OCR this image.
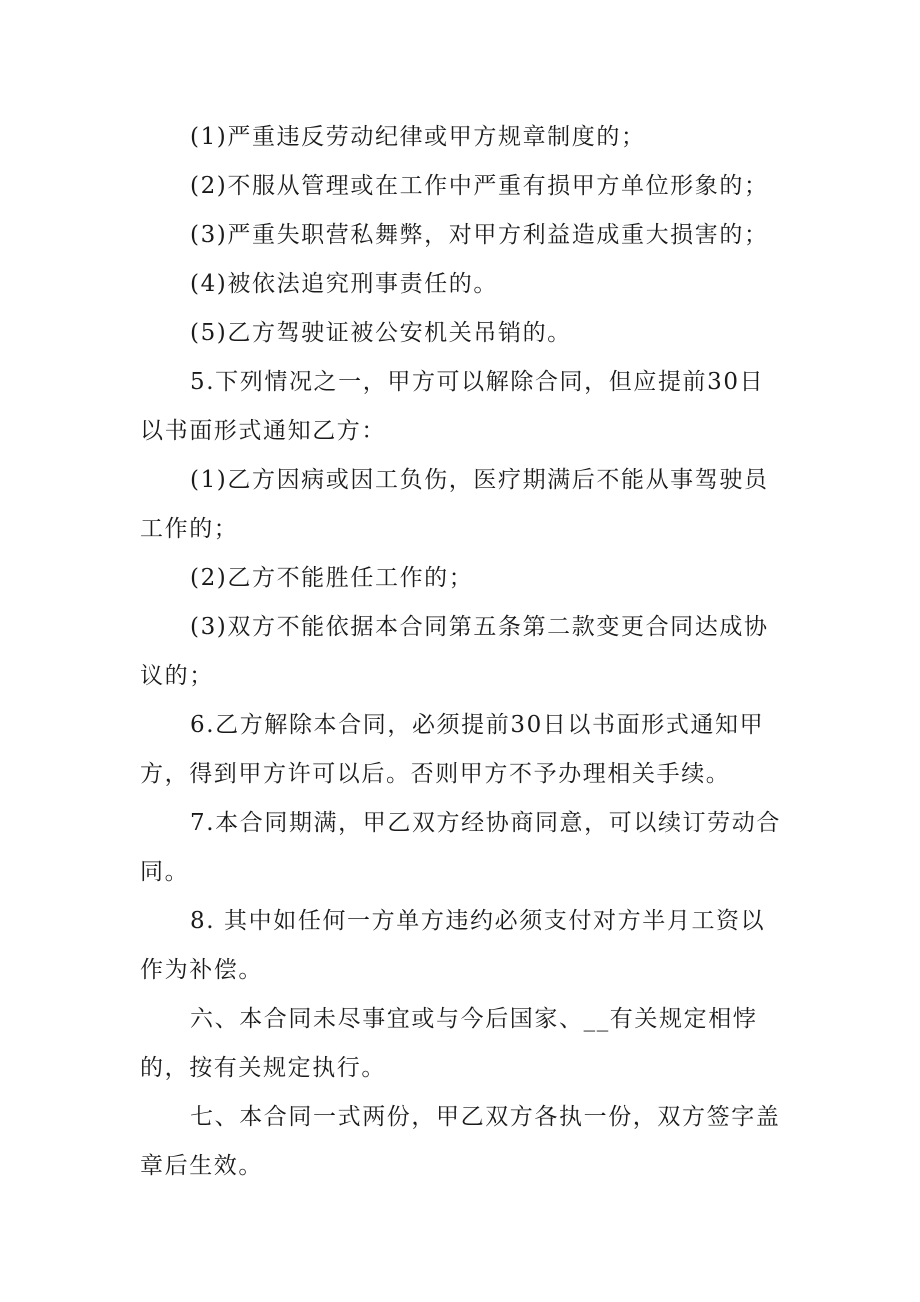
(1)严重违反劳动纪律或甲方规章制度的；

(2)不服从管理或在工作中严重有损甲方单位形象的；

(3)严重失职营私舞弊，对甲方利益造成重大损害的；

(4)被依法追究刑事责任的。

(5)乙方驾驶证被公安机关吊销的。

5.下列情况之一，甲方可以解除合同，但应提前30日以书面形式通知乙方：

(1)乙方因病或因工负伤，医疗期满后不能从事驾驶员工作的；

(2)乙方不能胜任工作的；

(3)双方不能依据本合同第五条第二款变更合同达成协议的；

6.乙方解除本合同，必须提前30日以书面形式通知甲方，得到甲方许可以后。否则甲方不予办理相关手续。

7.本合同期满，甲乙双方经协商同意，可以续订劳动合同。

8. 其中如任何一方单方违约必须支付对方半月工资以作为补偿。

六、本合同未尽事宜或与今后国家、__有关规定相悖的，按有关规定执行。

七、本合同一式两份，甲乙双方各执一份，双方签字盖章后生效。
